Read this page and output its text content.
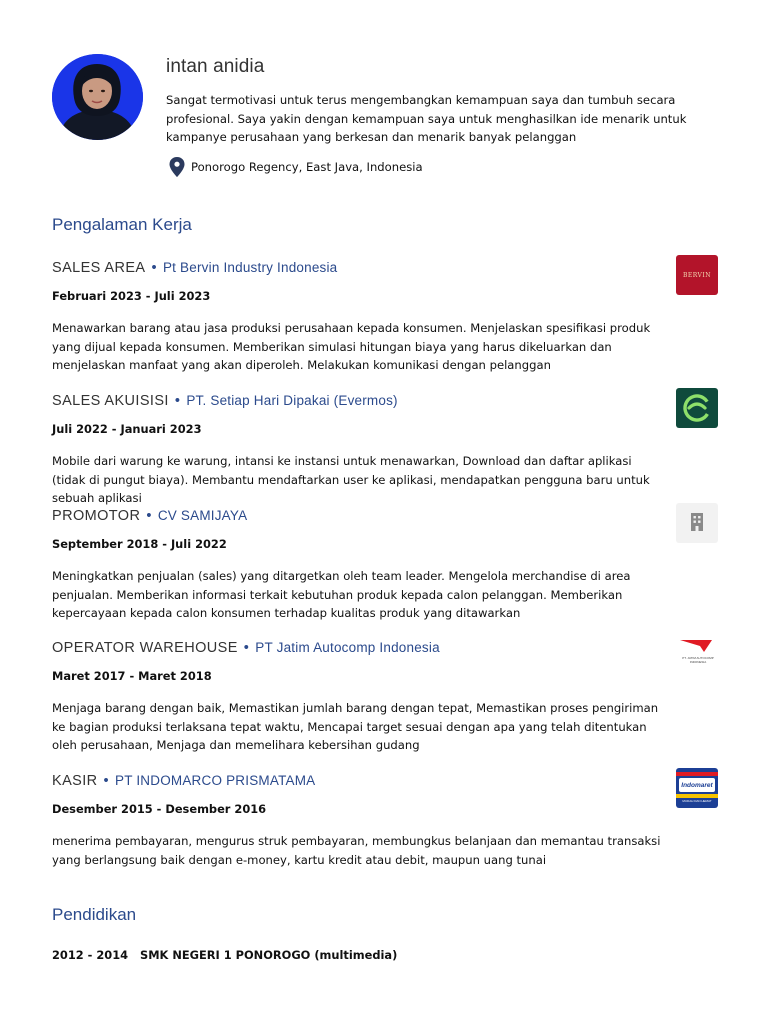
intan anidia
Sangat termotivasi untuk terus mengembangkan kemampuan saya dan tumbuh secara profesional. Saya yakin dengan kemampuan saya untuk menghasilkan ide menarik untuk kampanye perusahaan yang berkesan dan menarik banyak pelanggan
Ponorogo Regency, East Java, Indonesia
Pengalaman Kerja
SALES AREA • Pt Bervin Industry Indonesia
Februari 2023 - Juli 2023
Menawarkan barang atau jasa produksi perusahaan kepada konsumen. Menjelaskan spesifikasi produk yang dijual kepada konsumen. Memberikan simulasi hitungan biaya yang harus dikeluarkan dan menjelaskan manfaat yang akan diperoleh. Melakukan komunikasi dengan pelanggan
BERVIN
SALES AKUISISI • PT. Setiap Hari Dipakai (Evermos)
Juli 2022 - Januari 2023
Mobile dari warung ke warung, intansi ke instansi untuk menawarkan, Download dan daftar aplikasi (tidak di pungut biaya). Membantu mendaftarkan user ke aplikasi, mendapatkan pengguna baru untuk sebuah aplikasi
PROMOTOR • CV SAMIJAYA
September 2018 - Juli 2022
Meningkatkan penjualan (sales) yang ditargetkan oleh team leader. Mengelola merchandise di area penjualan. Memberikan informasi terkait kebutuhan produk kepada calon pelanggan. Memberikan kepercayaan kepada calon konsumen terhadap kualitas produk yang ditawarkan
OPERATOR WAREHOUSE • PT Jatim Autocomp Indonesia
Maret 2017 - Maret 2018
Menjaga barang dengan baik, Memastikan jumlah barang dengan tepat, Memastikan proses pengiriman ke bagian produksi terlaksana tepat waktu, Mencapai target sesuai dengan apa yang telah ditentukan oleh perusahaan, Menjaga dan memelihara kebersihan gudang
PT. JATIM AUTOCOMP INDONESIA
KASIR • PT INDOMARCO PRISMATAMA
Desember 2015 - Desember 2016
menerima pembayaran, mengurus struk pembayaran, membungkus belanjaan dan memantau transaksi yang berlangsung baik dengan e-money, kartu kredit atau debit, maupun uang tunai
Indomaret
MUDAH DAN HEMAT
Pendidikan
2012 - 2014 SMK NEGERI 1 PONOROGO (multimedia)
